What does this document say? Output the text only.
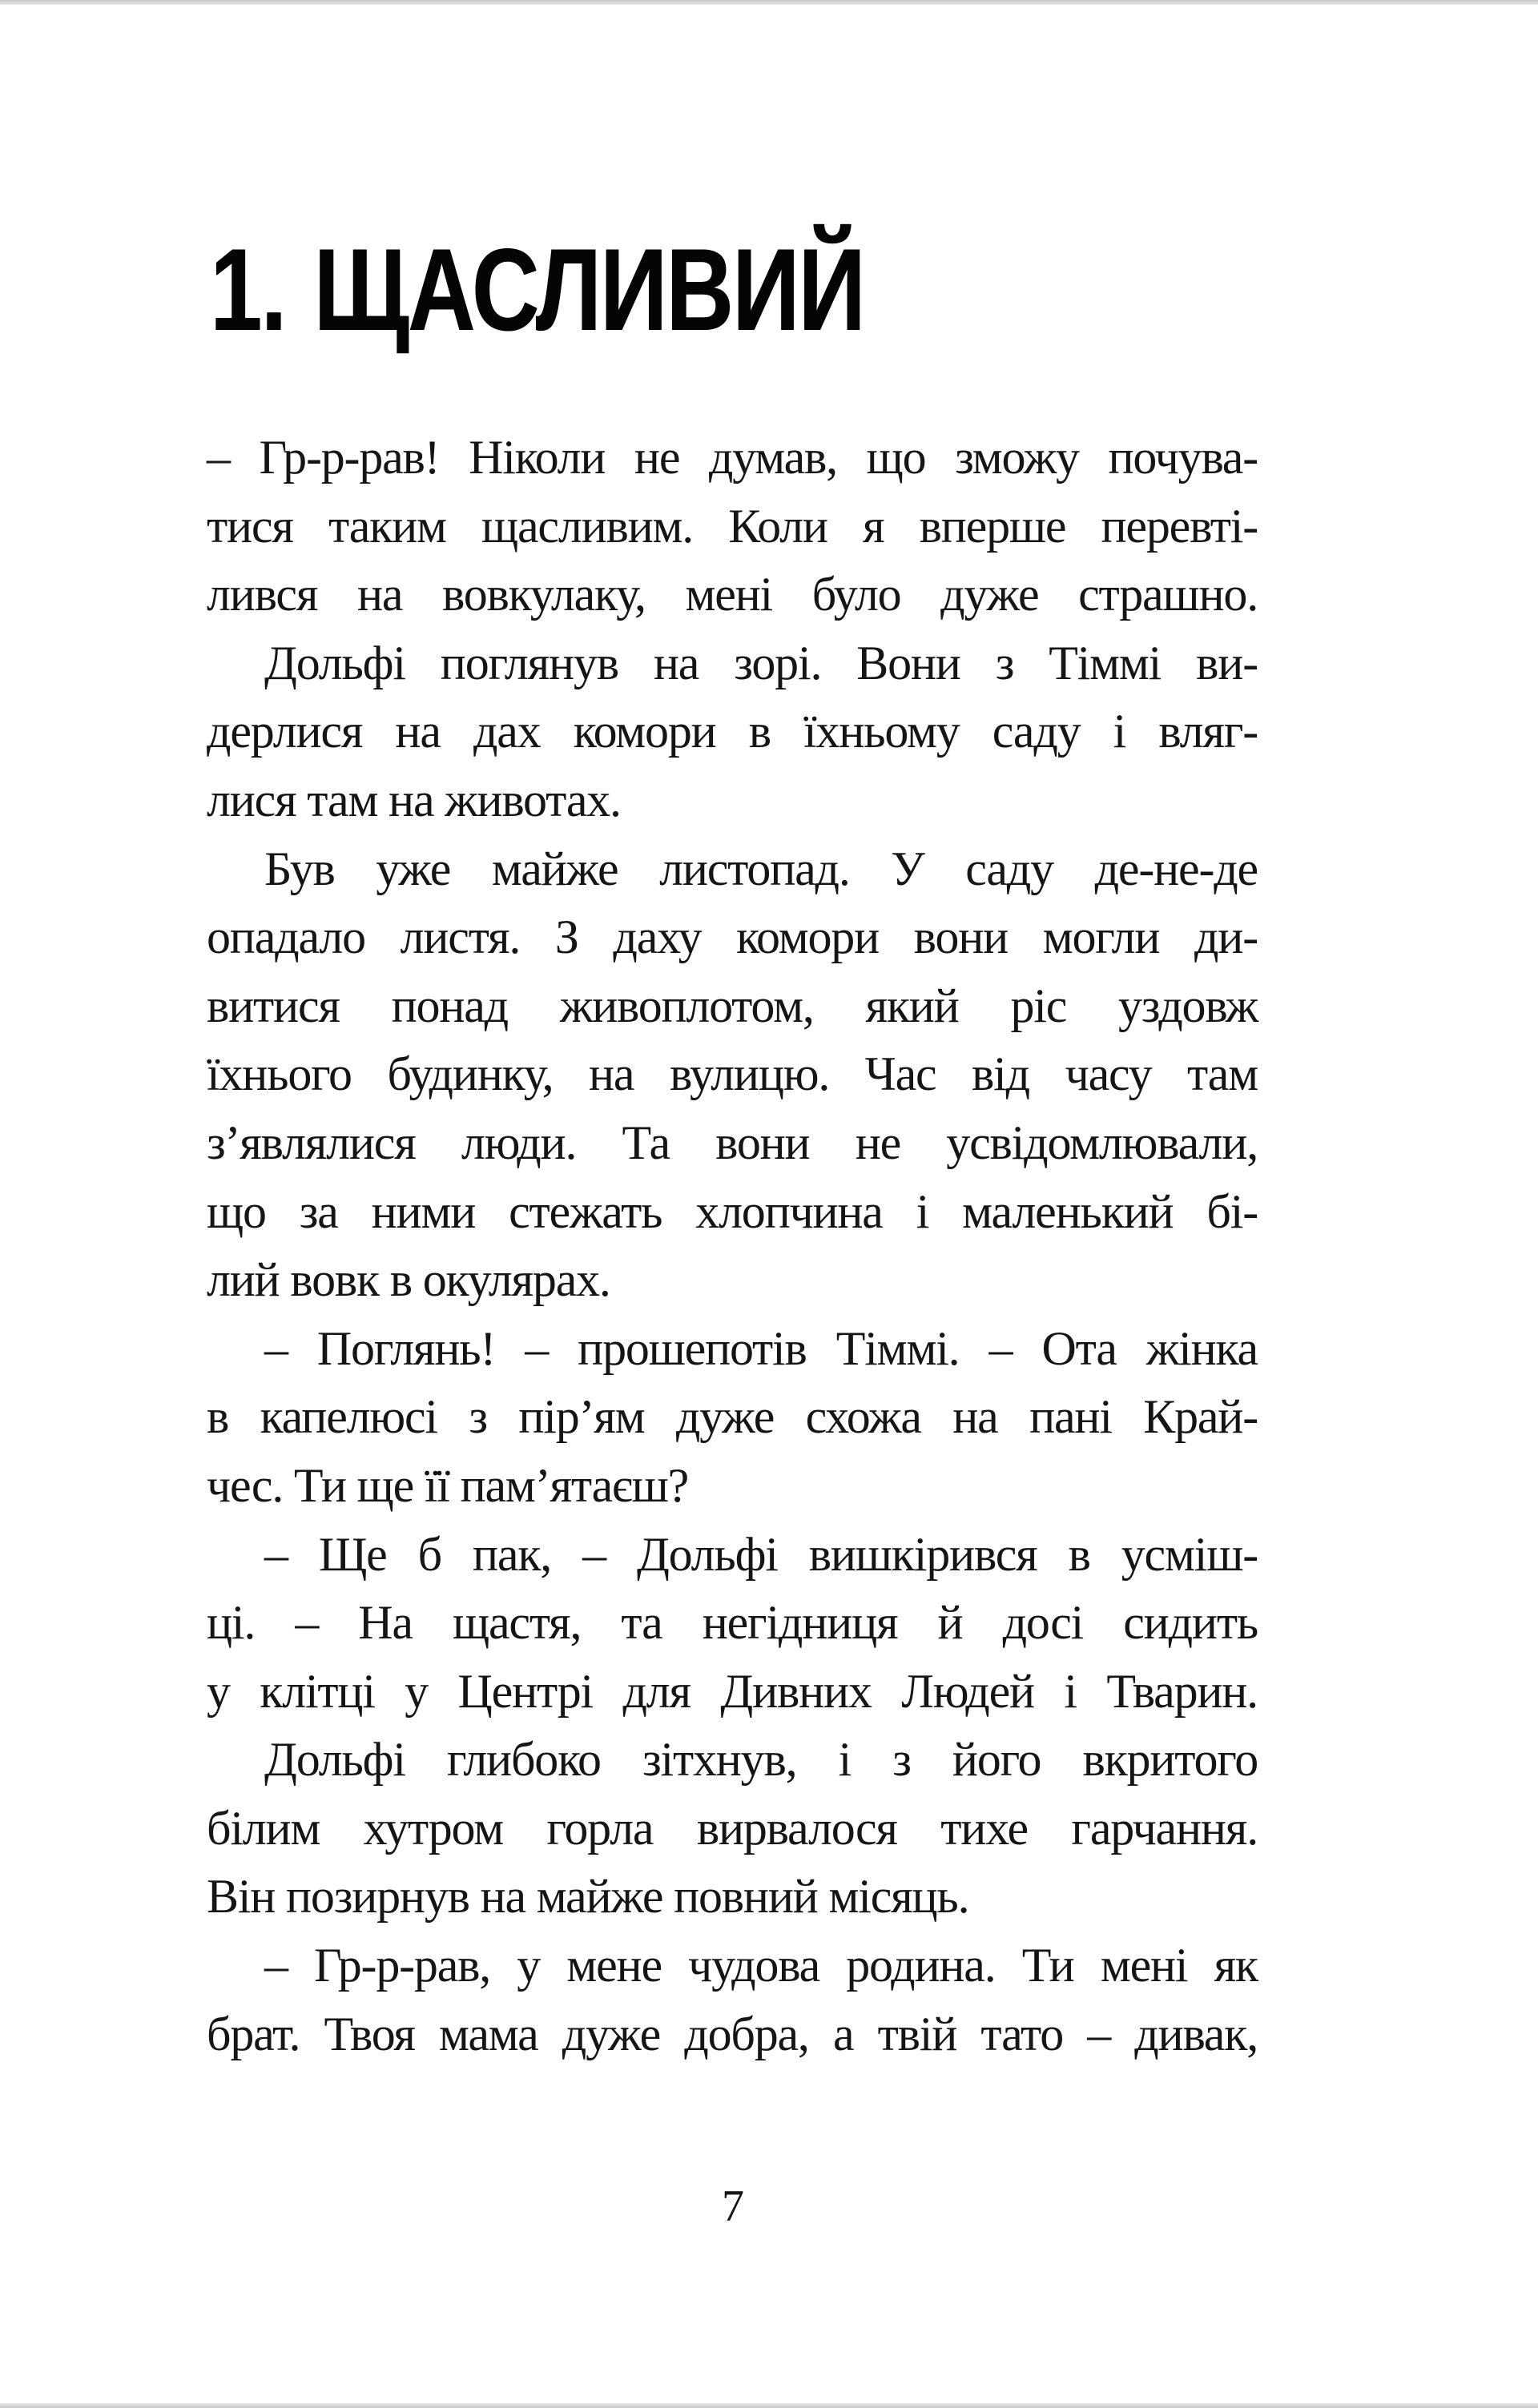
1. ЩАСЛИВИЙ
– Гр-р-рав! Ніколи не думав, що зможу почува-
тися таким щасливим. Коли я вперше перевті-
лився на вовкулаку, мені було дуже страшно.
Дольфі поглянув на зорі. Вони з Тіммі ви-
дерлися на дах комори в їхньому саду і вляг-
лися там на животах.
Був уже майже листопад. У саду де-не-де
опадало листя. З даху комори вони могли ди-
витися понад живоплотом, який ріс уздовж
їхнього будинку, на вулицю. Час від часу там
з’являлися люди. Та вони не усвідомлювали,
що за ними стежать хлопчина і маленький бі-
лий вовк в окулярах.
– Поглянь! – прошепотів Тіммі. – Ота жінка
в капелюсі з пір’ям дуже схожа на пані Край-
чес. Ти ще її пам’ятаєш?
– Ще б пак, – Дольфі вишкірився в усміш-
ці. – На щастя, та негідниця й досі сидить
у клітці у Центрі для Дивних Людей і Тварин.
Дольфі глибоко зітхнув, і з його вкритого
білим хутром горла вирвалося тихе гарчання.
Він позирнув на майже повний місяць.
– Гр-р-рав, у мене чудова родина. Ти мені як
брат. Твоя мама дуже добра, а твій тато – дивак,
7
